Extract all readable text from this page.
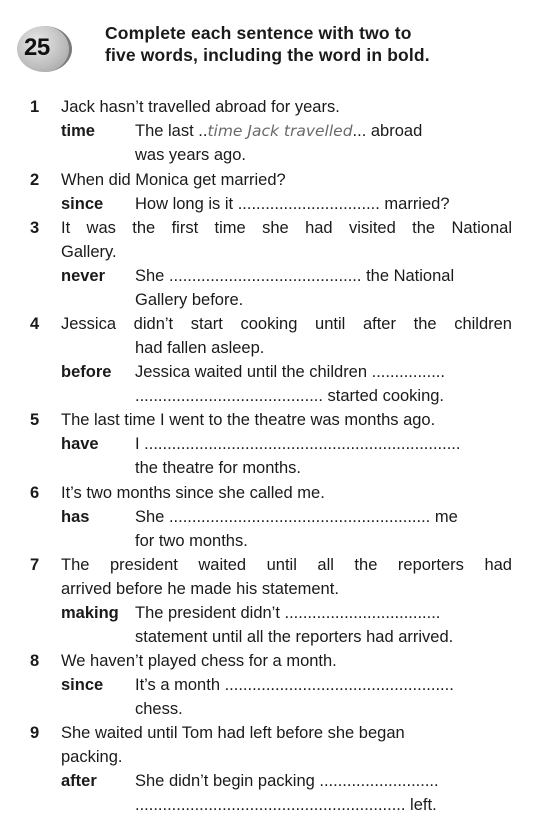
25
Complete each sentence with two to
five words, including the word in bold.
1 Jack hasn’t travelled abroad for years.
time The last ..time Jack travelled... abroad
was years ago.
2 When did Monica get married?
since How long is it ............................... married?
3 It was the first time she had visited the National
Gallery.
never She .......................................... the National
Gallery before.
4 Jessica didn’t start cooking until after the children
had fallen asleep.
before Jessica waited until the children ................
......................................... started cooking.
5 The last time I went to the theatre was months ago.
have I .....................................................................
the theatre for months.
6 It’s two months since she called me.
has	She ......................................................... me
for two months.
7 The president waited until all the reporters had
arrived before he made his statement.
making The president didn’t ..................................
statement until all the reporters had arrived.
8 We haven’t played chess for a month.
since It’s a month ..................................................
chess.
9 She waited until Tom had left before she began
packing.
after She didn’t begin packing ..........................
........................................................... left.
